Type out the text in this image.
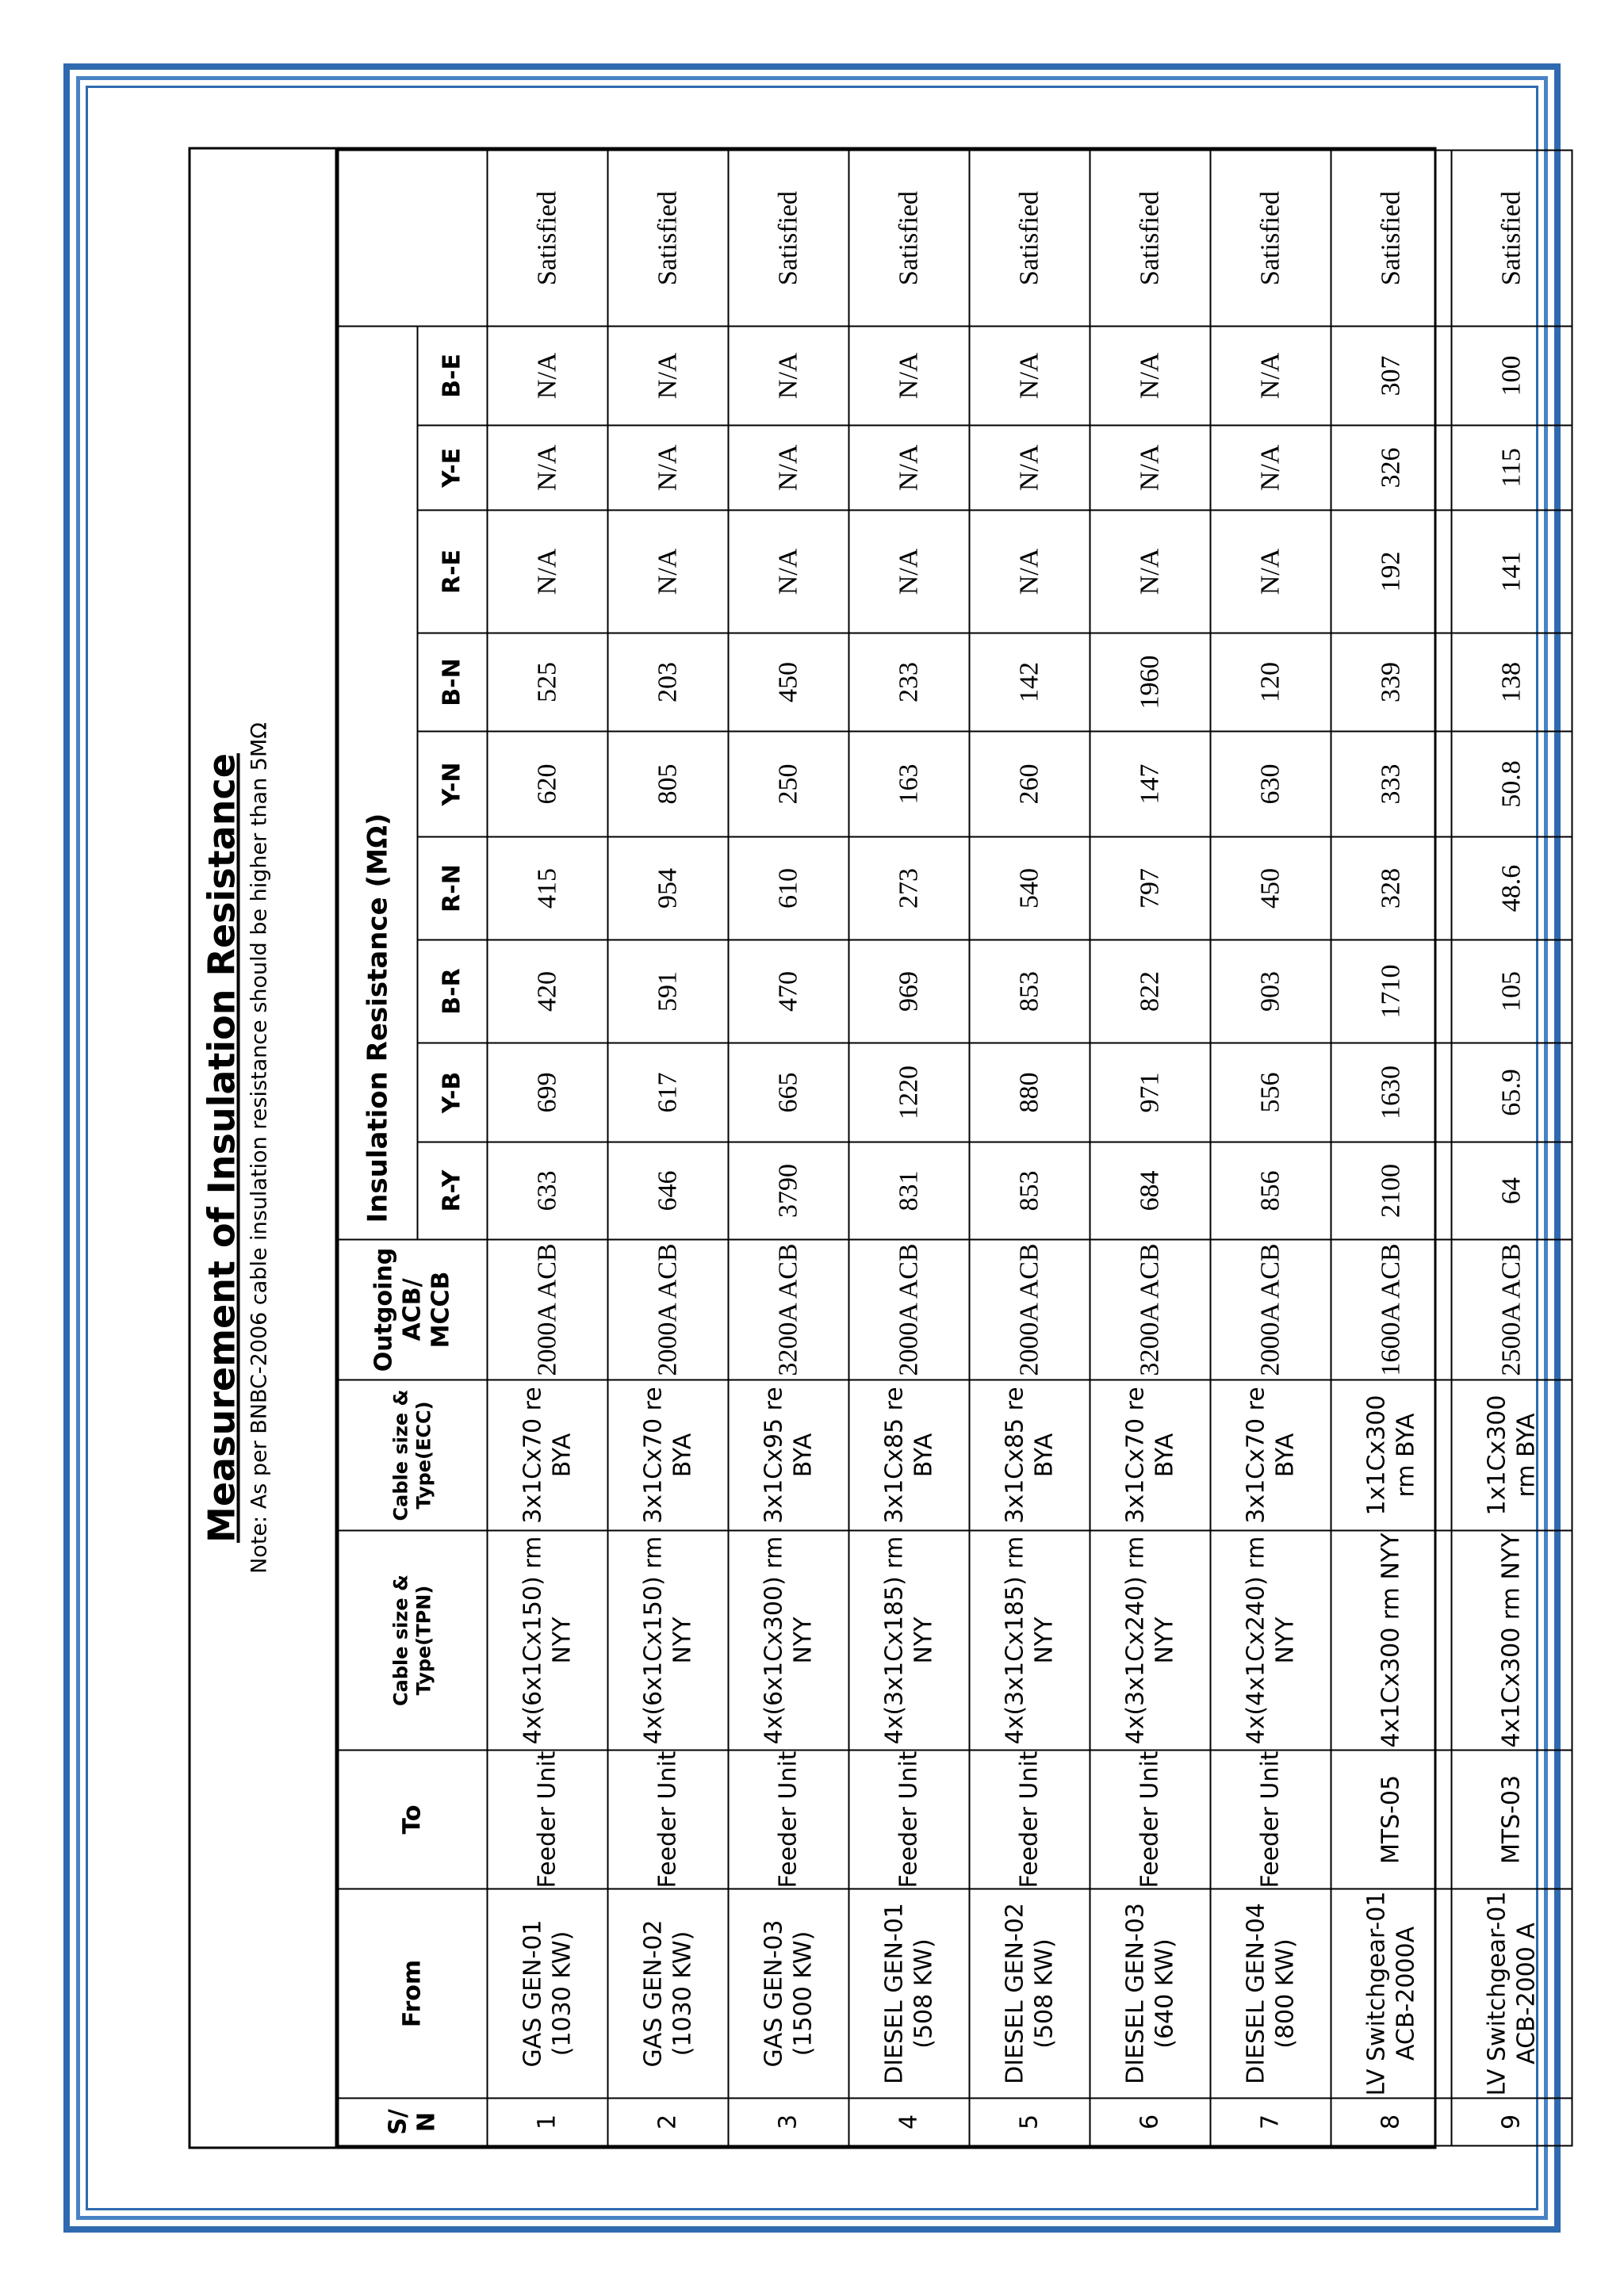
Measurement of Insulation Resistance Note: As per BNBC-2006 cable insulation resistance should be higher than 5MΩ
S/ N	From	To	Cable size & Type(TPN)	Cable size & Type(ECC)	Outgoing ACB/ MCCB	Insulation Resistance (MΩ)									
						R-Y	Y-B	B-R	R-N	Y-N	B-N	R-E	Y-E	B-E	
1	GAS GEN-01 (1030 KW)	Feeder Unit	4x(6x1Cx150) rm NYY	3x1Cx70 re BYA	2000A ACB	633	699	420	415	620	525	N/A	N/A	N/A	Satisfied
2	GAS GEN-02 (1030 KW)	Feeder Unit	4x(6x1Cx150) rm NYY	3x1Cx70 re BYA	2000A ACB	646	617	591	954	805	203	N/A	N/A	N/A	Satisfied
3	GAS GEN-03 (1500 KW)	Feeder Unit	4x(6x1Cx300) rm NYY	3x1Cx95 re BYA	3200A ACB	3790	665	470	610	250	450	N/A	N/A	N/A	Satisfied
4	DIESEL GEN-01 (508 KW)	Feeder Unit	4x(3x1Cx185) rm NYY	3x1Cx85 re BYA	2000A ACB	831	1220	969	273	163	233	N/A	N/A	N/A	Satisfied
5	DIESEL GEN-02 (508 KW)	Feeder Unit	4x(3x1Cx185) rm NYY	3x1Cx85 re BYA	2000A ACB	853	880	853	540	260	142	N/A	N/A	N/A	Satisfied
6	DIESEL GEN-03 (640 KW)	Feeder Unit	4x(3x1Cx240) rm NYY	3x1Cx70 re BYA	3200A ACB	684	971	822	797	147	1960	N/A	N/A	N/A	Satisfied
7	DIESEL GEN-04 (800 KW)	Feeder Unit	4x(4x1Cx240) rm NYY	3x1Cx70 re BYA	2000A ACB	856	556	903	450	630	120	N/A	N/A	N/A	Satisfied
8	LV Switchgear-01 ACB-2000A	MTS-05	4x1Cx300 rm NYY	1x1Cx300 rm BYA	1600A ACB	2100	1630	1710	328	333	339	192	326	307	Satisfied
9	LV Switchgear-01 ACB-2000 A	MTS-03	4x1Cx300 rm NYY	1x1Cx300 rm BYA	2500A ACB	64	65.9	105	48.6	50.8	138	141	115	100	Satisfied
